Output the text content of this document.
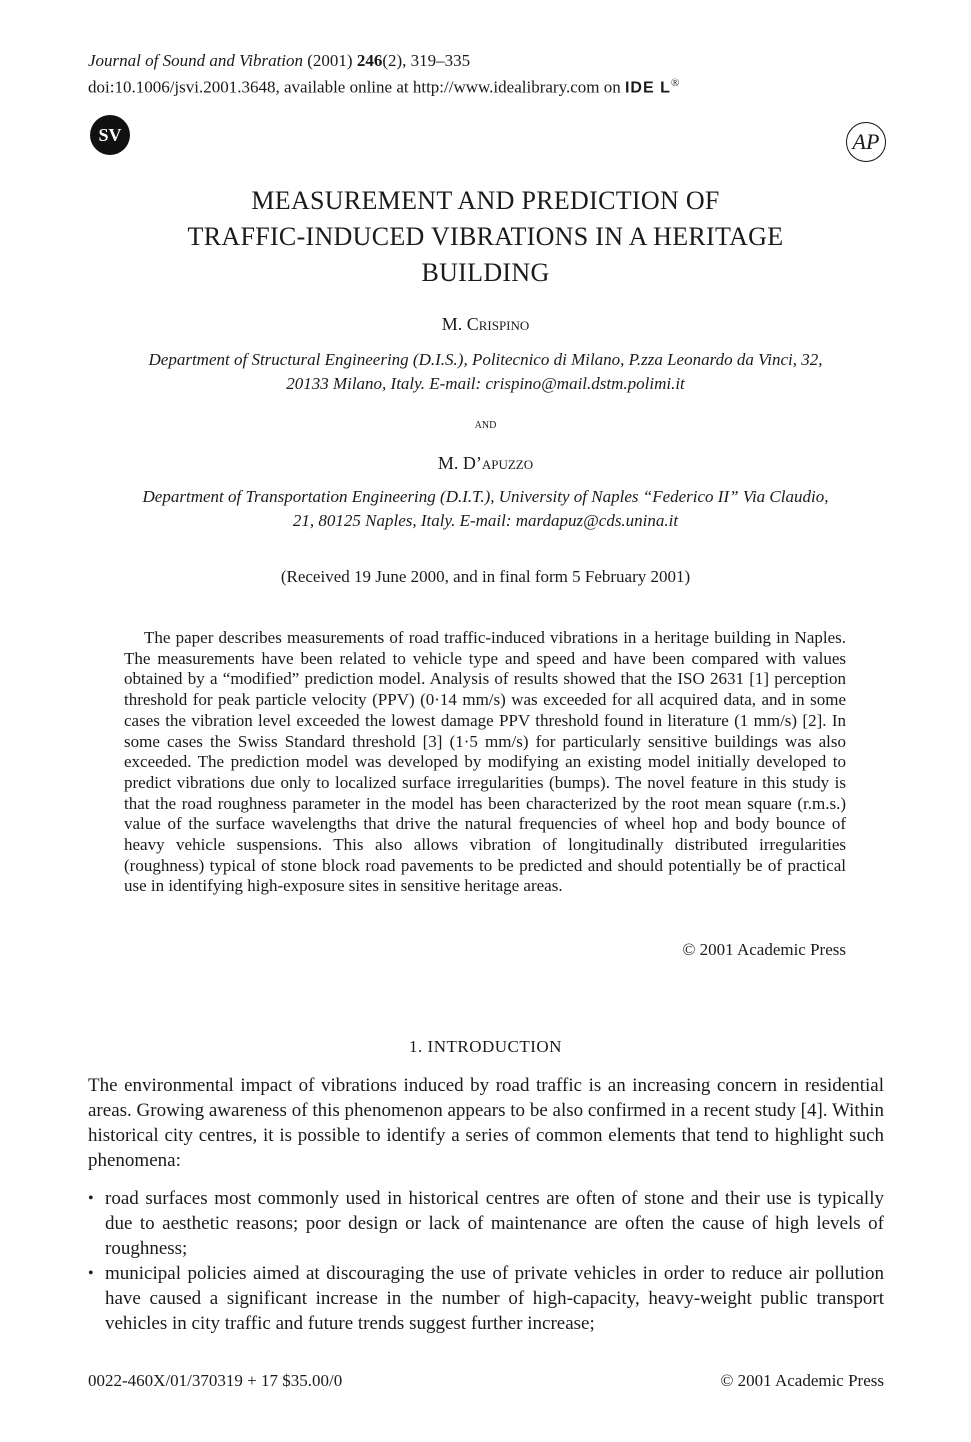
Journal of Sound and Vibration (2001) 246(2), 319–335
doi:10.1006/jsvi.2001.3648, available online at http://www.idealibrary.com on IDE L®
SV	AP
MEASUREMENT AND PREDICTION OF
TRAFFIC-INDUCED VIBRATIONS IN A HERITAGE
BUILDING
M. Crispino
Department of Structural Engineering (D.I.S.), Politecnico di Milano, P.zza Leonardo da Vinci, 32,
20133 Milano, Italy. E-mail: crispino@mail.dstm.polimi.it
and
M. D’apuzzo
Department of Transportation Engineering (D.I.T.), University of Naples “Federico II” Via Claudio,
21, 80125 Naples, Italy. E-mail: mardapuz@cds.unina.it
(Received 19 June 2000, and in final form 5 February 2001)
The paper describes measurements of road traffic-induced vibrations in a heritage building in Naples. The measurements have been related to vehicle type and speed and have been compared with values obtained by a “modified” prediction model. Analysis of results showed that the ISO 2631 [1] perception threshold for peak particle velocity (PPV) (0·14 mm/s) was exceeded for all acquired data, and in some cases the vibration level exceeded the lowest damage PPV threshold found in literature (1 mm/s) [2]. In some cases the Swiss Standard threshold [3] (1·5 mm/s) for particularly sensitive buildings was also exceeded. The prediction model was developed by modifying an existing model initially developed to predict vibrations due only to localized surface irregularities (bumps). The novel feature in this study is that the road roughness parameter in the model has been characterized by the root mean square (r.m.s.) value of the surface wavelengths that drive the natural frequencies of wheel hop and body bounce of heavy vehicle suspensions. This also allows vibration of longitudinally distributed irregularities (roughness) typical of stone block road pavements to be predicted and should potentially be of practical use in identifying high-exposure sites in sensitive heritage areas.
© 2001 Academic Press
1. INTRODUCTION
The environmental impact of vibrations induced by road traffic is an increasing concern in residential areas. Growing awareness of this phenomenon appears to be also confirmed in a recent study [4]. Within historical city centres, it is possible to identify a series of common elements that tend to highlight such phenomena:
• road surfaces most commonly used in historical centres are often of stone and their use is typically due to aesthetic reasons; poor design or lack of maintenance are often the cause of high levels of roughness;
• municipal policies aimed at discouraging the use of private vehicles in order to reduce air pollution have caused a significant increase in the number of high-capacity, heavy-weight public transport vehicles in city traffic and future trends suggest further increase;
0022-460X/01/370319 + 17 $35.00/0	© 2001 Academic Press
